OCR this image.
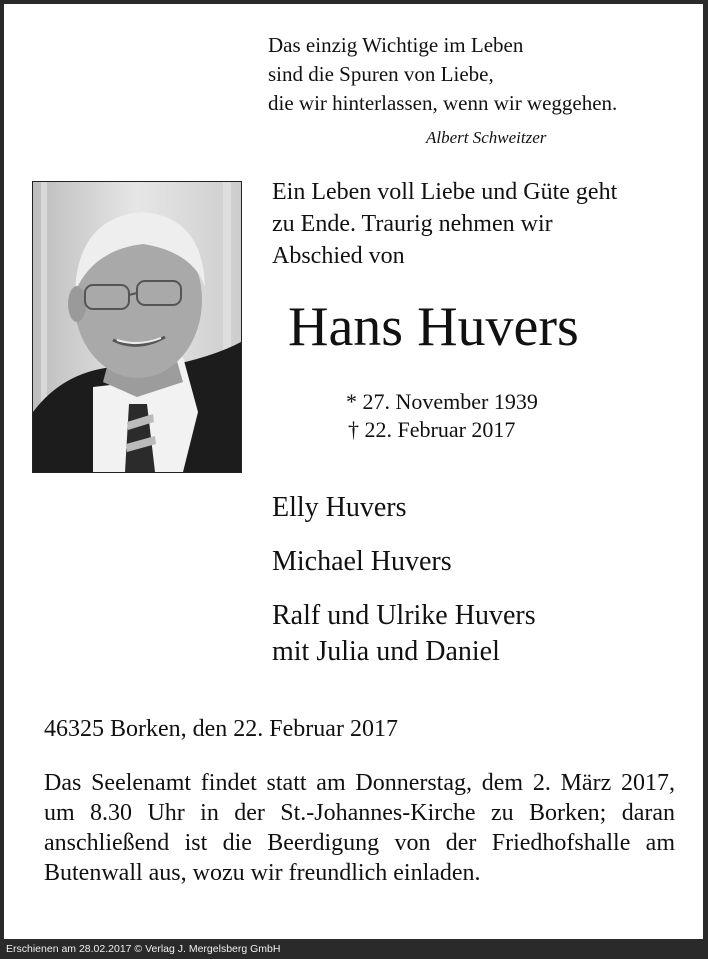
Das einzig Wichtige im Leben
sind die Spuren von Liebe,
die wir hinterlassen, wenn wir weggehen.
Albert Schweitzer
Ein Leben voll Liebe und Güte geht
zu Ende. Traurig nehmen wir
Abschied von
Hans Huvers
* 27. November 1939
† 22. Februar 2017
Elly Huvers
Michael Huvers
Ralf und Ulrike Huvers
mit Julia und Daniel
46325 Borken, den 22. Februar 2017
Das Seelenamt findet statt am Donnerstag, dem 2. März 2017, um 8.30 Uhr in der St.-Johannes-Kirche zu Borken; daran anschließend ist die Beerdigung von der Friedhofshalle am Butenwall aus, wozu wir freundlich einladen.
Erschienen am 28.02.2017 © Verlag J. Mergelsberg GmbH
